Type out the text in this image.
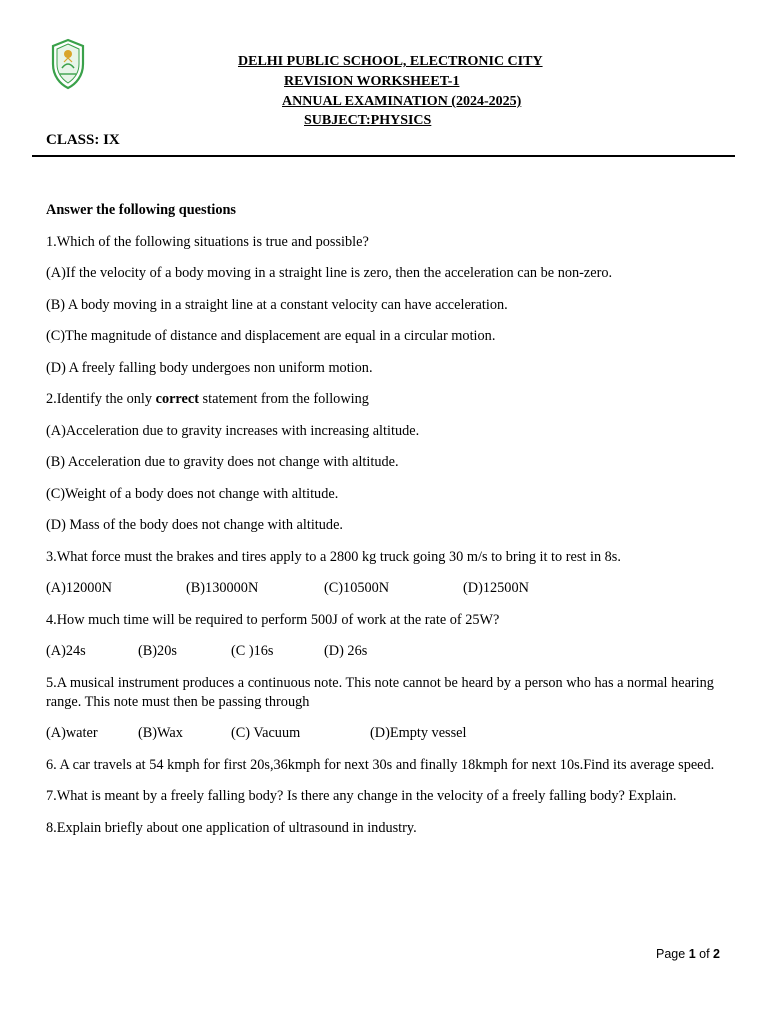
DELHI PUBLIC SCHOOL, ELECTRONIC CITY
REVISION WORKSHEET-1
ANNUAL EXAMINATION (2024-2025)
SUBJECT:PHYSICS
CLASS: IX

Answer the following questions

1.Which of the following situations is true and possible?

(A)If the velocity of a body moving in a straight line is zero, then the acceleration can be non-zero.

(B) A body moving in a straight line at a constant velocity can have acceleration.

(C)The magnitude of distance and displacement are equal in a circular motion.

(D) A freely falling body undergoes non uniform motion.

2.Identify the only correct statement from the following

(A)Acceleration due to gravity increases with increasing altitude.

(B) Acceleration due to gravity does not change with altitude.

(C)Weight of a body does not change with altitude.

(D) Mass of the body does not change with altitude.

3.What force must the brakes and tires apply to a 2800 kg truck going 30 m/s to bring it to rest in 8s.

(A)12000N	(B)130000N	(C)10500N	(D)12500N

4.How much time will be required to perform 500J of work at the rate of 25W?

(A)24s	(B)20s	(C )16s	(D) 26s

5.A musical instrument produces a continuous note. This note cannot be heard by a person who has a normal hearing range. This note must then be passing through

(A)water	(B)Wax	(C) Vacuum	(D)Empty vessel

6. A car travels at 54 kmph for first 20s,36kmph for next 30s and finally 18kmph for next 10s.Find its average speed.

7.What is meant by a freely falling body? Is there any change in the velocity of a freely falling body? Explain.

8.Explain briefly about one application of ultrasound in industry.

Page 1 of 2
